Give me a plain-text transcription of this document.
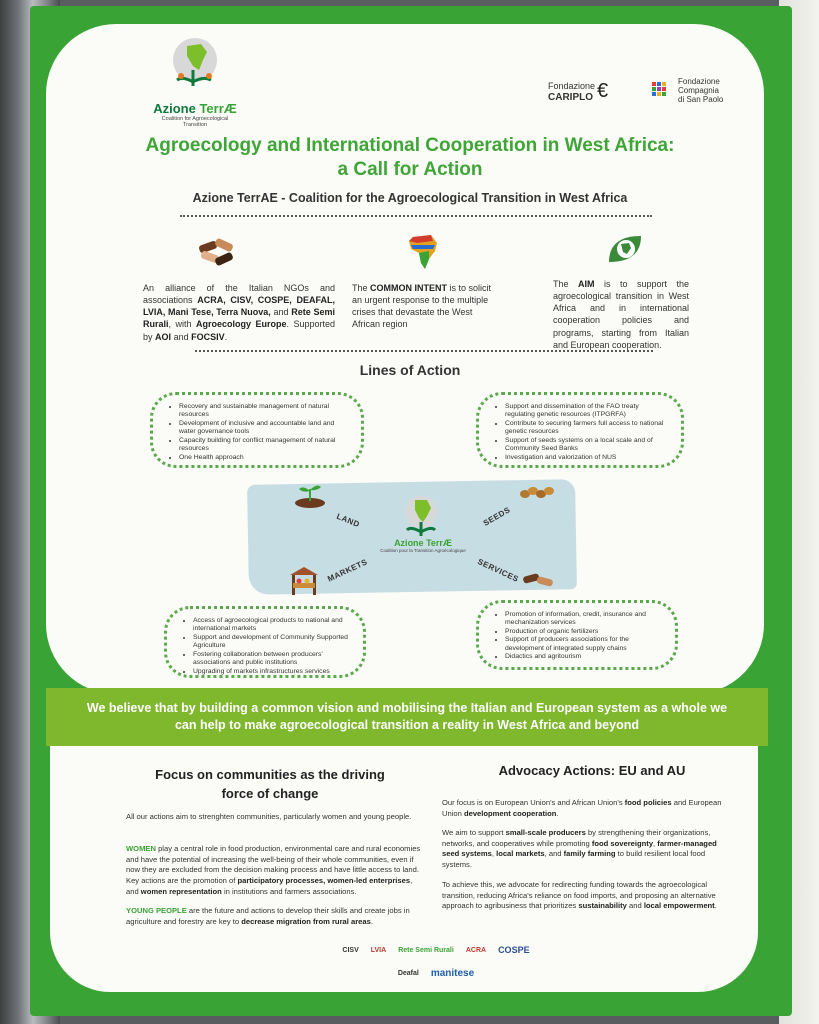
Azione TerrÆ
Coalition for Agroecological Transition
Fondazione
CARIPLO €	Fondazione
Compagnia
di San Paolo
Agroecology and International Cooperation in West Africa:
a Call for Action
Azione TerrAE - Coalition for the Agroecological Transition in West Africa
An alliance of the Italian NGOs and associations ACRA, CISV, COSPE, DEAFAL, LVIA, Mani Tese, Terra Nuova, and Rete Semi Rurali, with Agroecology Europe. Supported by AOI and FOCSIV.
The COMMON INTENT is to solicit an urgent response to the multiple crises that devastate the West African region
The AIM is to support the agroecological transition in West Africa and in international cooperation policies and programs, starting from Italian and European cooperation.
Lines of Action
• Recovery and sustainable management of natural resources
• Development of inclusive and accountable land and water governance tools
• Capacity building for conflict management of natural resources
• One Health approach
• Support and dissemination of the FAO treaty regulating genetic resources (ITPGRFA)
• Contribute to securing farmers full access to national genetic resources
• Support of seeds systems on a local scale and of Community Seed Banks
• Investigation and valorization of NUS
• Access of agroecological products to national and international markets
• Support and development of Community Supported Agriculture
• Fostering collaboration between producers' associations and public institutions
• Upgrading of markets infrastructures services
• Promotion of information, credit, insurance and mechanization services
• Production of organic fertilizers
• Support of producers associations for the development of integrated supply chains
• Didactics and agritourism
Azione TerrÆ
Coalition pour la Transition Agroécologique
LAND	SEEDS
MARKETS	SERVICES

We believe that by building a common vision and mobilising the Italian and European system as a whole we can help to make agroecological transition a reality in West Africa and beyond

Focus on communities as the driving
force of change
All our actions aim to strenghten communities, particularly women and young people.
WOMEN play a central role in food production, environmental care and rural economies and have the potential of increasing the well-being of their whole communities, even if now they are excluded from the decision making process and have little access to land. Key actions are the promotion of participatory processes, women-led enterprises, and women representation in institutions and farmers associations.
YOUNG PEOPLE are the future and actions to develop their skills and create jobs in agriculture and forestry are key to decrease migration from rural areas.
Advocacy Actions: EU and AU
Our focus is on European Union's and African Union's food policies and European Union development cooperation.
We aim to support small-scale producers by strengthening their organizations, networks, and cooperatives while promoting food sovereignty, farmer-managed seed systems, local markets, and family farming to build resilient local food systems.
To achieve this, we advocate for redirecting funding towards the agroecological transition, reducing Africa's reliance on food imports, and proposing an alternative approach to agribusiness that prioritizes sustainability and local empowerment.
CISV LVIA Rete Semi Rurali ACRA COSPE
Deafal manitese
